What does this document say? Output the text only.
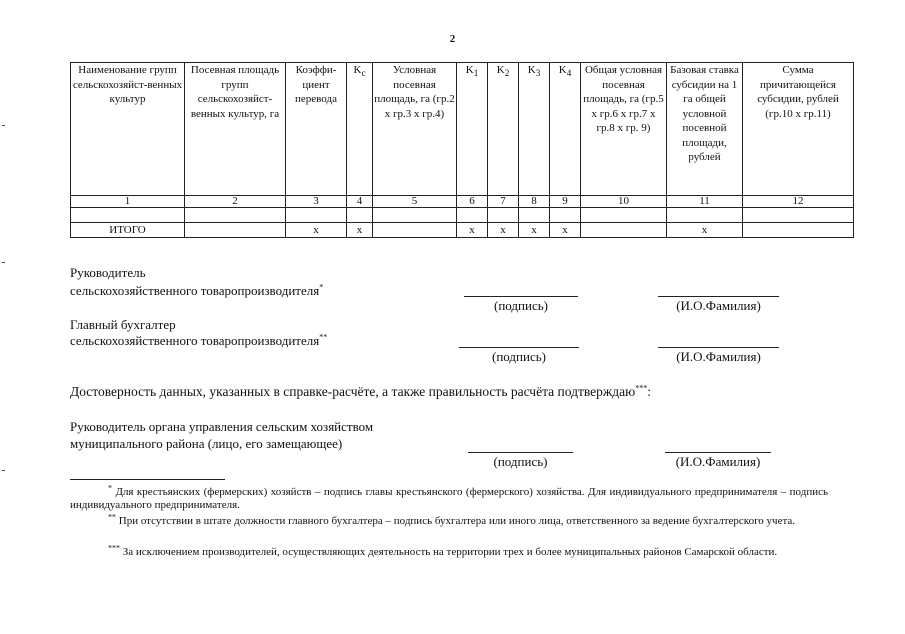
2
Наименование групп сельскохозяйст-венных культур	Посевная площадь групп сельскохозяйст-венных культур, га	Коэффи-циент перевода	$K_c$	Условная посевная площадь, га (гр.2 х гр.3 х гр.4)	$K_1$	$K_2$	$K_3$	$K_4$	Общая условная посевная площадь, га (гр.5 х гр.6 х гр.7 х гр.8 х гр. 9)	Базовая ставка субсидии на 1 га общей условной посевной площади, рублей	Сумма причитающейся субсидии, рублей (гр.10 х гр.11)
1	2	3	4	5	6	7	8	9	10	11	12

ИТОГО		x	x		x	x	x	x		x	
Руководитель
сельскохозяйственного товаропроизводителя*
(подпись)	(И.О.Фамилия)
Главный бухгалтер
сельскохозяйственного товаропроизводителя**
(подпись)	(И.О.Фамилия)
Достоверность данных, указанных в справке-расчёте, а также правильность расчёта подтверждаю***:
Руководитель органа управления сельским хозяйством
муниципального района (лицо, его замещающее)
(подпись)	(И.О.Фамилия)
* Для крестьянских (фермерских) хозяйств – подпись главы крестьянского (фермерского) хозяйства. Для индивидуального предпринимателя – подпись индивидуального предпринимателя.
** При отсутствии в штате должности главного бухгалтера – подпись бухгалтера или иного лица, ответственного за ведение бухгалтерского учета.
*** За исключением производителей, осуществляющих деятельность на территории трех и более муниципальных районов Самарской области.
